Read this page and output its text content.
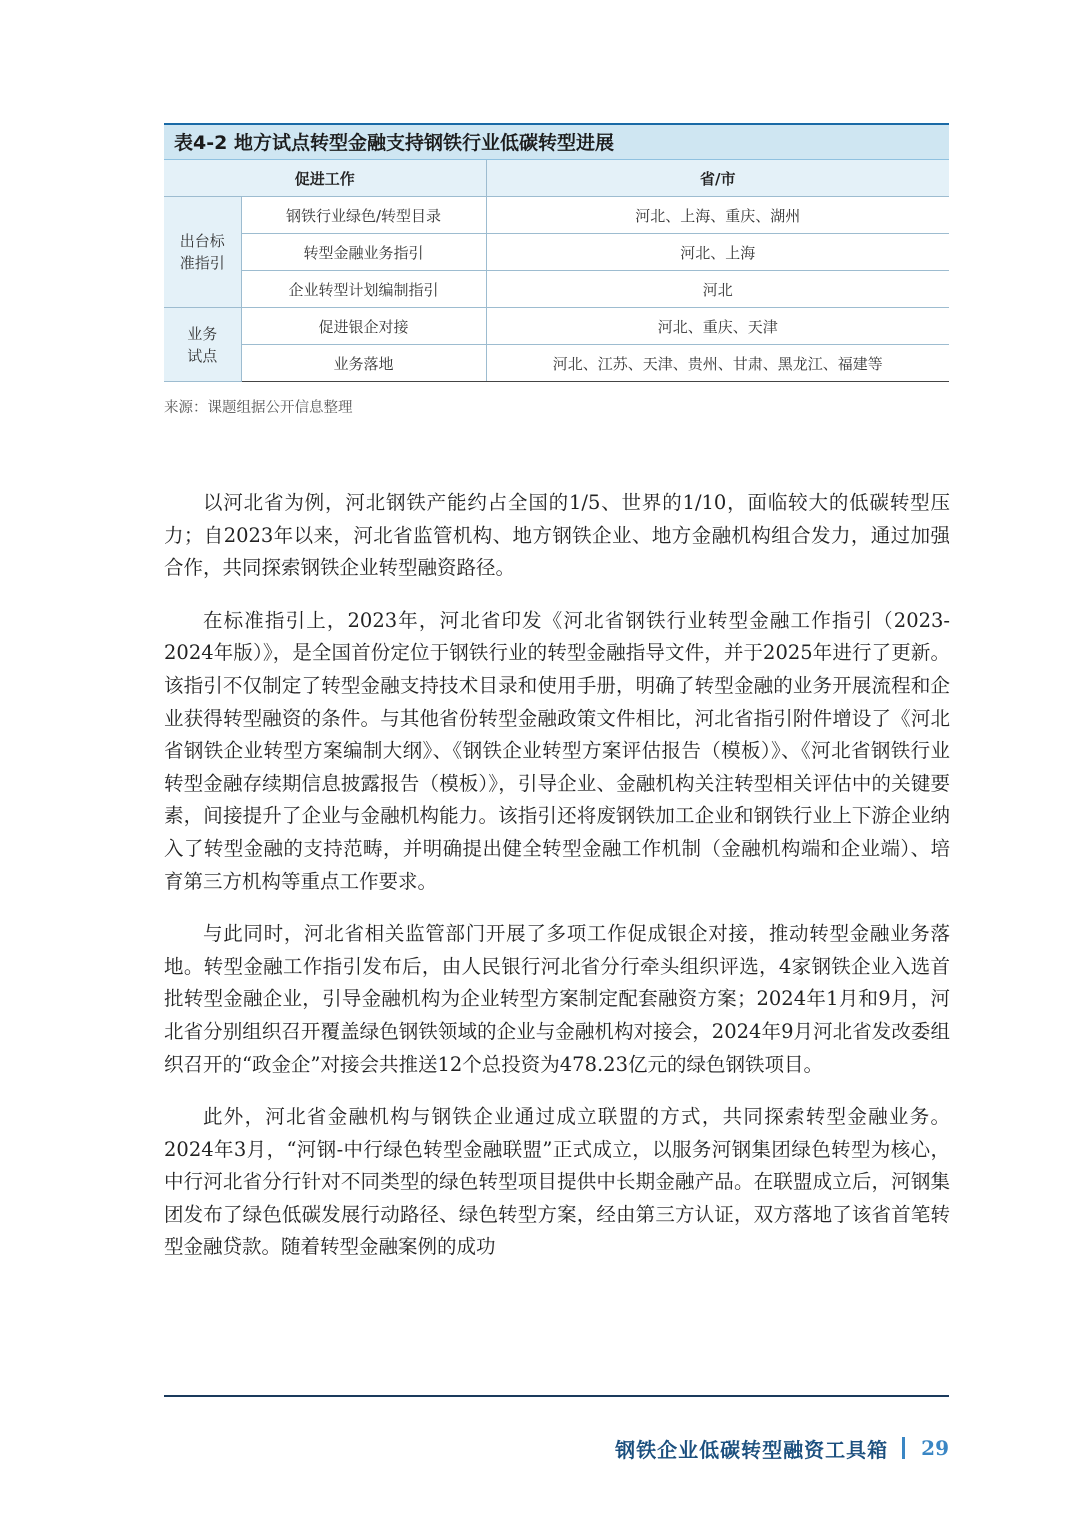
表4-2 地方试点转型金融支持钢铁行业低碳转型进展
促进工作		省/市
出台标准指引	钢铁行业绿色/转型目录	河北、上海、重庆、湖州
	转型金融业务指引	河北、上海
	企业转型计划编制指引	河北
业务试点	促进银企对接	河北、重庆、天津
	业务落地	河北、江苏、天津、贵州、甘肃、黑龙江、福建等
来源：课题组据公开信息整理

以河北省为例，河北钢铁产能约占全国的1/5、世界的1/10，面临较大的低碳转型压力；自2023年以来，河北省监管机构、地方钢铁企业、地方金融机构组合发力，通过加强合作，共同探索钢铁企业转型融资路径。

在标准指引上，2023年，河北省印发《河北省钢铁行业转型金融工作指引（2023-2024年版）》，是全国首份定位于钢铁行业的转型金融指导文件，并于2025年进行了更新。该指引不仅制定了转型金融支持技术目录和使用手册，明确了转型金融的业务开展流程和企业获得转型融资的条件。与其他省份转型金融政策文件相比，河北省指引附件增设了《河北省钢铁企业转型方案编制大纲》、《钢铁企业转型方案评估报告（模板）》、《河北省钢铁行业转型金融存续期信息披露报告（模板）》，引导企业、金融机构关注转型相关评估中的关键要素，间接提升了企业与金融机构能力。该指引还将废钢铁加工企业和钢铁行业上下游企业纳入了转型金融的支持范畴，并明确提出健全转型金融工作机制（金融机构端和企业端）、培育第三方机构等重点工作要求。

与此同时，河北省相关监管部门开展了多项工作促成银企对接，推动转型金融业务落地。转型金融工作指引发布后，由人民银行河北省分行牵头组织评选，4家钢铁企业入选首批转型金融企业，引导金融机构为企业转型方案制定配套融资方案；2024年1月和9月，河北省分别组织召开覆盖绿色钢铁领域的企业与金融机构对接会，2024年9月河北省发改委组织召开的“政金企”对接会共推送12个总投资为478.23亿元的绿色钢铁项目。

此外，河北省金融机构与钢铁企业通过成立联盟的方式，共同探索转型金融业务。2024年3月，“河钢-中行绿色转型金融联盟”正式成立，以服务河钢集团绿色转型为核心，中行河北省分行针对不同类型的绿色转型项目提供中长期金融产品。在联盟成立后，河钢集团发布了绿色低碳发展行动路径、绿色转型方案，经由第三方认证，双方落地了该省首笔转型金融贷款。随着转型金融案例的成功

钢铁企业低碳转型融资工具箱 29
